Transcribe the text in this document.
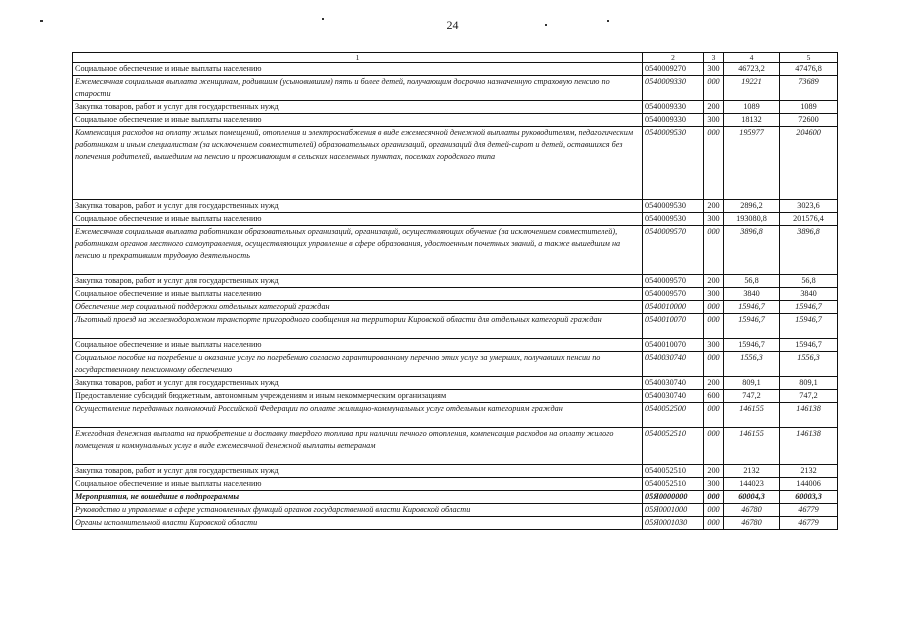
24
1	2	3	4	5
Социальное обеспечение и иные выплаты населению	0540009270	300	46723,2	47476,8
Ежемесячная социальная выплата женщинам, родившим (усыновившим) пять и более детей, получающим досрочно назначенную страховую пенсию по старости	0540009330	000	19221	73689
Закупка товаров, работ и услуг для государственных нужд	0540009330	200	1089	1089
Социальное обеспечение и иные выплаты населению	0540009330	300	18132	72600
Компенсация расходов на оплату жилых помещений, отопления и электроснабжения в виде ежемесячной денежной выплаты руководителям, педагогическим работникам и иным специалистам (за исключением совместителей) образовательных организаций, организаций для детей-сирот и детей, оставшихся без попечения родителей, вышедшим на пенсию и проживающим в сельских населенных пунктах, поселках городского типа	0540009530	000	195977	204600
Закупка товаров, работ и услуг для государственных нужд	0540009530	200	2896,2	3023,6
Социальное обеспечение и иные выплаты населению	0540009530	300	193080,8	201576,4
Ежемесячная социальная выплата работникам образовательных организаций, организаций, осуществляющих обучение (за исключением совместителей), работникам органов местного самоуправления, осуществляющих управление в сфере образования, удостоенным почетных званий, а также вышедшим на пенсию и прекратившим трудовую деятельность	0540009570	000	3896,8	3896,8
Закупка товаров, работ и услуг для государственных нужд	0540009570	200	56,8	56,8
Социальное обеспечение и иные выплаты населению	0540009570	300	3840	3840
Обеспечение мер социальной поддержки отдельных категорий граждан	0540010000	000	15946,7	15946,7
Льготный проезд на железнодорожном транспорте пригородного сообщения на территории Кировской области для отдельных категорий граждан	0540010070	000	15946,7	15946,7
Социальное обеспечение и иные выплаты населению	0540010070	300	15946,7	15946,7
Социальное пособие на погребение и оказание услуг по погребению согласно гарантированному перечню этих услуг за умерших, получавших пенсии по государственному пенсионному обеспечению	0540030740	000	1556,3	1556,3
Закупка товаров, работ и услуг для государственных нужд	0540030740	200	809,1	809,1
Предоставление субсидий бюджетным, автономным учреждениям и иным некоммерческим организациям	0540030740	600	747,2	747,2
Осуществление переданных полномочий Российской Федерации по оплате жилищно-коммунальных услуг отдельным категориям граждан	0540052500	000	146155	146138
Ежегодная денежная выплата на приобретение и доставку твердого топлива при наличии печного отопления, компенсация расходов на оплату жилого помещения и коммунальных услуг в виде ежемесячной денежной выплаты ветеранам	0540052510	000	146155	146138
Закупка товаров, работ и услуг для государственных нужд	0540052510	200	2132	2132
Социальное обеспечение и иные выплаты населению	0540052510	300	144023	144006
Мероприятия, не вошедшие в подпрограммы	05Я0000000	000	60004,3	60003,3
Руководство и управление в сфере установленных функций органов государственной власти Кировской области	05Я0001000	000	46780	46779
Органы исполнительной власти Кировской области	05Я0001030	000	46780	46779
